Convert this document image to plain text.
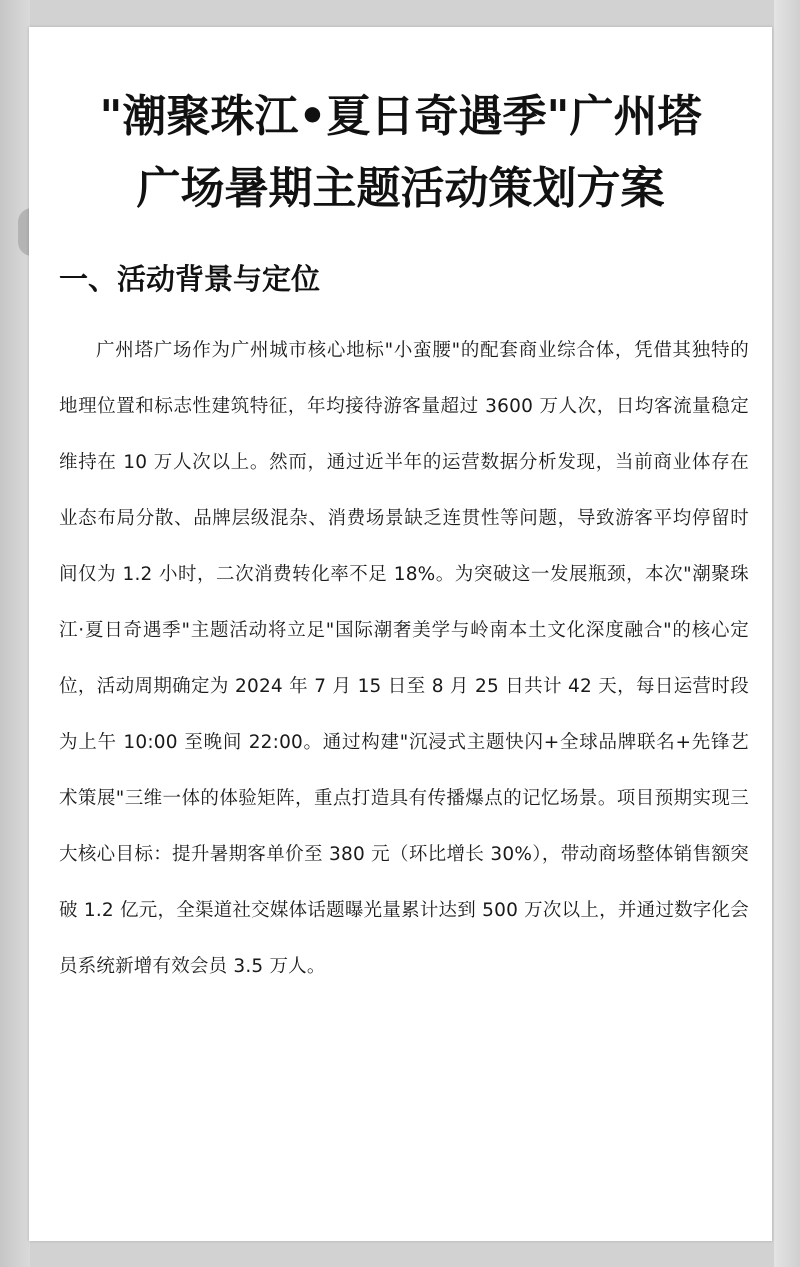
"潮聚珠江•夏日奇遇季"广州塔
广场暑期主题活动策划方案
一、活动背景与定位

广州塔广场作为广州城市核心地标"小蛮腰"的配套商业综合体，凭借其独特的地理位置和标志性建筑特征，年均接待游客量超过 3600 万人次，日均客流量稳定维持在 10 万人次以上。然而，通过近半年的运营数据分析发现，当前商业体存在业态布局分散、品牌层级混杂、消费场景缺乏连贯性等问题，导致游客平均停留时间仅为 1.2 小时，二次消费转化率不足 18%。为突破这一发展瓶颈，本次"潮聚珠江·夏日奇遇季"主题活动将立足"国际潮奢美学与岭南本土文化深度融合"的核心定位，活动周期确定为 2024 年 7 月 15 日至 8 月 25 日共计 42 天，每日运营时段为上午 10:00 至晚间 22:00。通过构建"沉浸式主题快闪+全球品牌联名+先锋艺术策展"三维一体的体验矩阵，重点打造具有传播爆点的记忆场景。项目预期实现三大核心目标：提升暑期客单价至 380 元（环比增长 30%），带动商场整体销售额突破 1.2 亿元，全渠道社交媒体话题曝光量累计达到 500 万次以上，并通过数字化会员系统新增有效会员 3.5 万人。
